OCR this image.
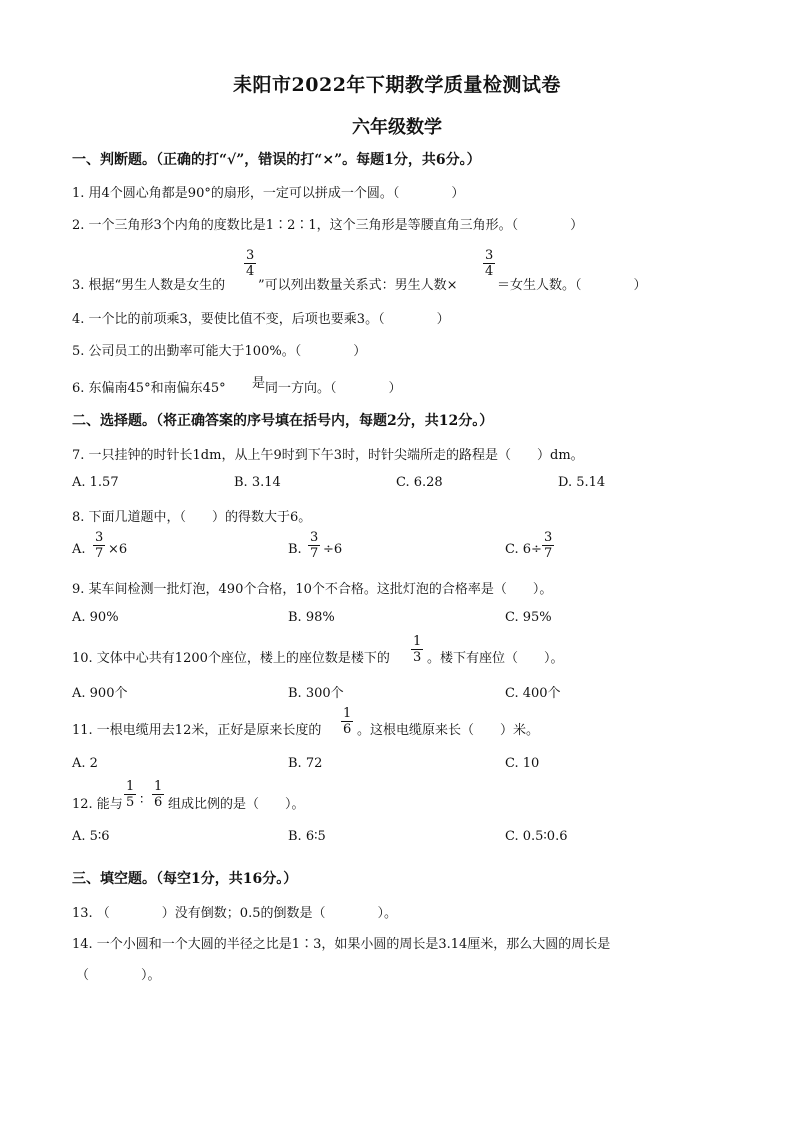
耒阳市2022年下期教学质量检测试卷
六年级数学
一、判断题。（正确的打“√”，错误的打“×”。每题1分，共6分。）
1. 用4个圆心角都是90°的扇形，一定可以拼成一个圆。（　　　　）
2. 一个三角形3个内角的度数比是1∶2∶1，这个三角形是等腰直角三角形。（　　　　）
3. 根据“男生人数是女生的
$\frac{3}{4}$
”可以列出数量关系式：男生人数×
$\frac{3}{4}$
＝女生人数。（　　　　）
4. 一个比的前项乘3，要使比值不变，后项也要乘3。（　　　　）
5. 公司员工的出勤率可能大于100%。（　　　　）
6. 东偏南45°和南偏东45° 是 同一方向。（　　　　）
二、选择题。（将正确答案的序号填在括号内，每题2分，共12分。）
7. 一只挂钟的时针长1dm，从上午9时到下午3时，时针尖端所走的路程是（　　）dm。
A. 1.57	B. 3.14	C. 6.28	D. 5.14
8. 下面几道题中，（　　）的得数大于6。
A. $\frac{3}{7} \times 6$	B. $\frac{3}{7} \div 6$	C. $6\div \frac{3}{7}$
9. 某车间检测一批灯泡，490个合格，10个不合格。这批灯泡的合格率是（　　）。
A. 90%	B. 98%	C. 95%
10. 文体中心共有1200个座位，楼上的座位数是楼下的 $\frac{1}{3}$ 。楼下有座位（　　）。
A. 900个	B. 300个	C. 400个
11. 一根电缆用去12米，正好是原来长度的 $\frac{1}{6}$ 。这根电缆原来长（　　）米。
A. 2	B. 72	C. 10
12. 能与 $\frac{1}{5}$ ∶ $\frac{1}{6}$ 组成比例的是（　　）。
A. 5∶6	B. 6∶5	C. 0.5∶0.6
三、填空题。（每空1分，共16分。）
13. （　　　　）没有倒数；0.5的倒数是（　　　　）。
14. 一个小圆和一个大圆的半径之比是1∶3，如果小圆的周长是3.14厘米，那么大圆的周长是
（　　　　）。
